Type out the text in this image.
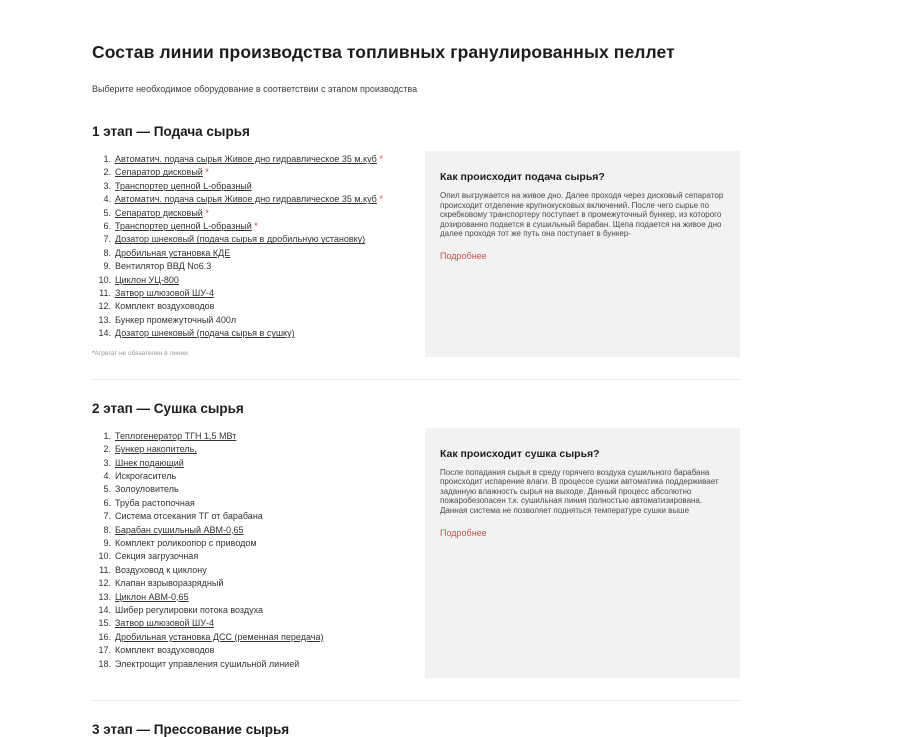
Состав линии производства топливных гранулированных пеллет
Выберите необходимое оборудование в соответствии с этапом производства
1 этап — Подача сырья
Автоматич. подача сырья Живое дно гидравлическое 35 м.куб *
Сепаратор дисковый *
Транспортер цепной L-образный
Автоматич. подача сырья Живое дно гидравлическое 35 м.куб *
Сепаратор дисковый *
Транспортер цепной L-образный *
Дозатор шнековый (подача сырья в дробильную установку)
Дробильная установка КДЕ
Вентилятор ВВД No6.3
Циклон УЦ-800
Затвор шлюзовой ШУ-4
Комплект воздуховодов
Бункер промежуточный 400л
Дозатор шнековый (подача сырья в сушку)
*Агрегат не обязателен в линии
Как происходит подача сырья?
Опил выгружается на живое дно. Далее проходя через дисковый сепаратор происходит отделение крупнокусковых включений. После чего сырье по скребковому транспортеру поступает в промежуточный бункер, из которого дозированно подается в сушильный барабан. Щепа подается на живое дно далее проходя тот же путь она поступает в бункер-
Подробнее
2 этап — Сушка сырья
Теплогенератор ТГН 1,5 МВт
Бункер накопитель,
Шнек подающий
Искрогаситель
Золоуловитель
Труба растопочная
Система отсекания ТГ от барабана
Барабан сушильный АВМ-0,65
Комплект роликоопор с приводом
Секция загрузочная
Воздуховод к циклону
Клапан взрыворазрядный
Циклон АВМ-0,65
Шибер регулировки потока воздуха
Затвор шлюзовой ШУ-4
Дробильная установка ДСС (ременная передача)
Комплект воздуховодов
Электрощит управления сушильной линией
Как происходит сушка сырья?
После попадания сырья в среду горячего воздуха сушильного барабана происходит испарение влаги. В процессе сушки автоматика поддерживает заданную влажность сырья на выходе. Данный процесс абсолютно пожаробезопасен т.к. сушильная линия полностью автоматизирована. Данная система не позволяет подняться температуре сушки выше
Подробнее
3 этап — Прессование сырья
